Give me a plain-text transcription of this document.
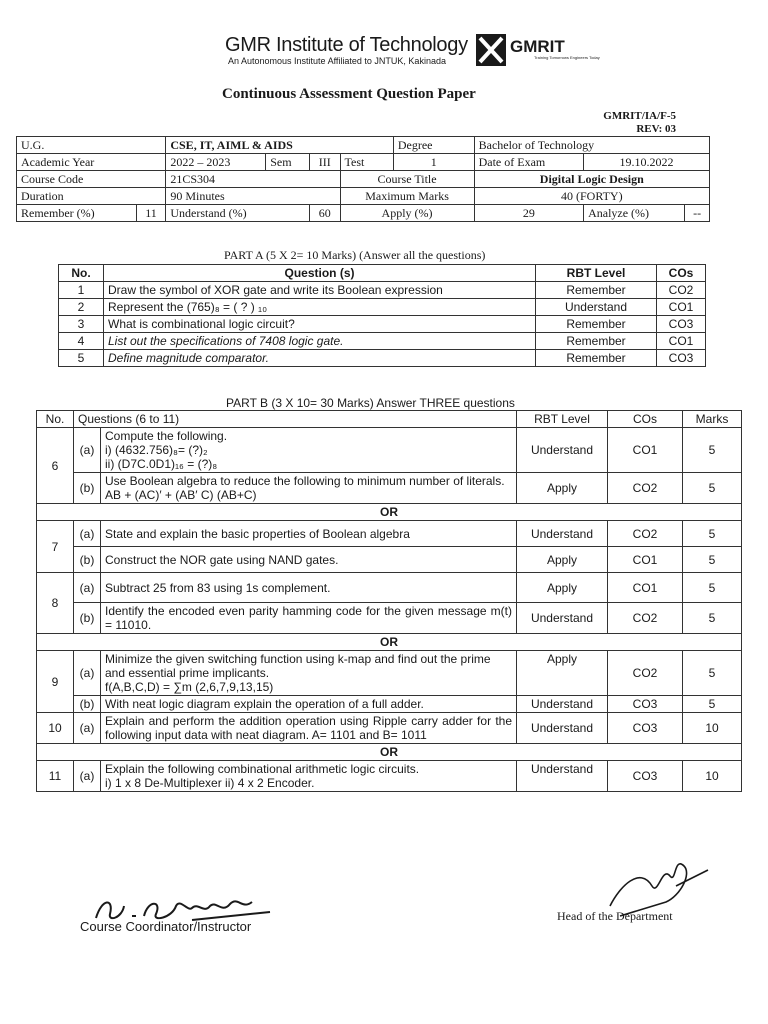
GMR Institute of Technology
An Autonomous Institute Affiliated to JNTUK, Kakinada
GMRIT
Training Tomorrows Engineers Today
Continuous Assessment Question Paper
GMRIT/IA/F-5
REV: 03
U.G.		CSE, IT, AIML & AIDS				Degree	Bachelor of Technology		
Academic Year		2022 – 2023	Sem	III	Test	1	Date of Exam	19.10.2022	
Course Code		21CS304			Course Title		Digital Logic Design		
Duration		90 Minutes			Maximum Marks		40 (FORTY)		
Remember (%)	11	Understand (%)		60	Apply (%)		29	Analyze (%)	--
PART A (5 X 2= 10 Marks) (Answer all the questions)
No.	Question (s)	RBT Level	COs
1	Draw the symbol of XOR gate and write its Boolean expression	Remember	CO2
2	Represent the (765)₈ = ( ? ) ₁₀	Understand	CO1
3	What is combinational logic circuit?	Remember	CO3
4	List out the specifications of 7408 logic gate.	Remember	CO1
5	Define magnitude comparator.	Remember	CO3
PART B (3 X 10= 30 Marks) Answer THREE questions
No.	Questions (6 to 11)		RBT Level	COs	Marks
6	(a)	Compute the following.
i) (4632.756)₈= (?)₂
ii) (D7C.0D1)₁₆ = (?)₈	Understand	CO1	5
	(b)	Use Boolean algebra to reduce the following to minimum number of literals.
AB + (AC)′ + (AB′ C) (AB+C)	Apply	CO2	5
OR					
7	(a)	State and explain the basic properties of Boolean algebra	Understand	CO2	5
	(b)	Construct the NOR gate using NAND gates.	Apply	CO1	5
8	(a)	Subtract 25 from 83 using 1s complement.	Apply	CO1	5
	(b)	Identify the encoded even parity hamming code for the given message m(t) = 11010.	Understand	CO2	5
OR					
9	(a)	Minimize the given switching function using k-map and find out the prime and essential prime implicants.
f(A,B,C,D) = ∑m (2,6,7,9,13,15)	Apply	CO2	5
	(b)	With neat logic diagram explain the operation of a full adder.	Understand	CO3	5
10	(a)	Explain and perform the addition operation using Ripple carry adder for the following input data with neat diagram. A= 1101 and B= 1011	Understand	CO3	10
OR					
11	(a)	Explain the following combinational arithmetic logic circuits.
i) 1 x 8 De-Multiplexer ii) 4 x 2 Encoder.	Understand	CO3	10
Course Coordinator/Instructor
Head of the Department
